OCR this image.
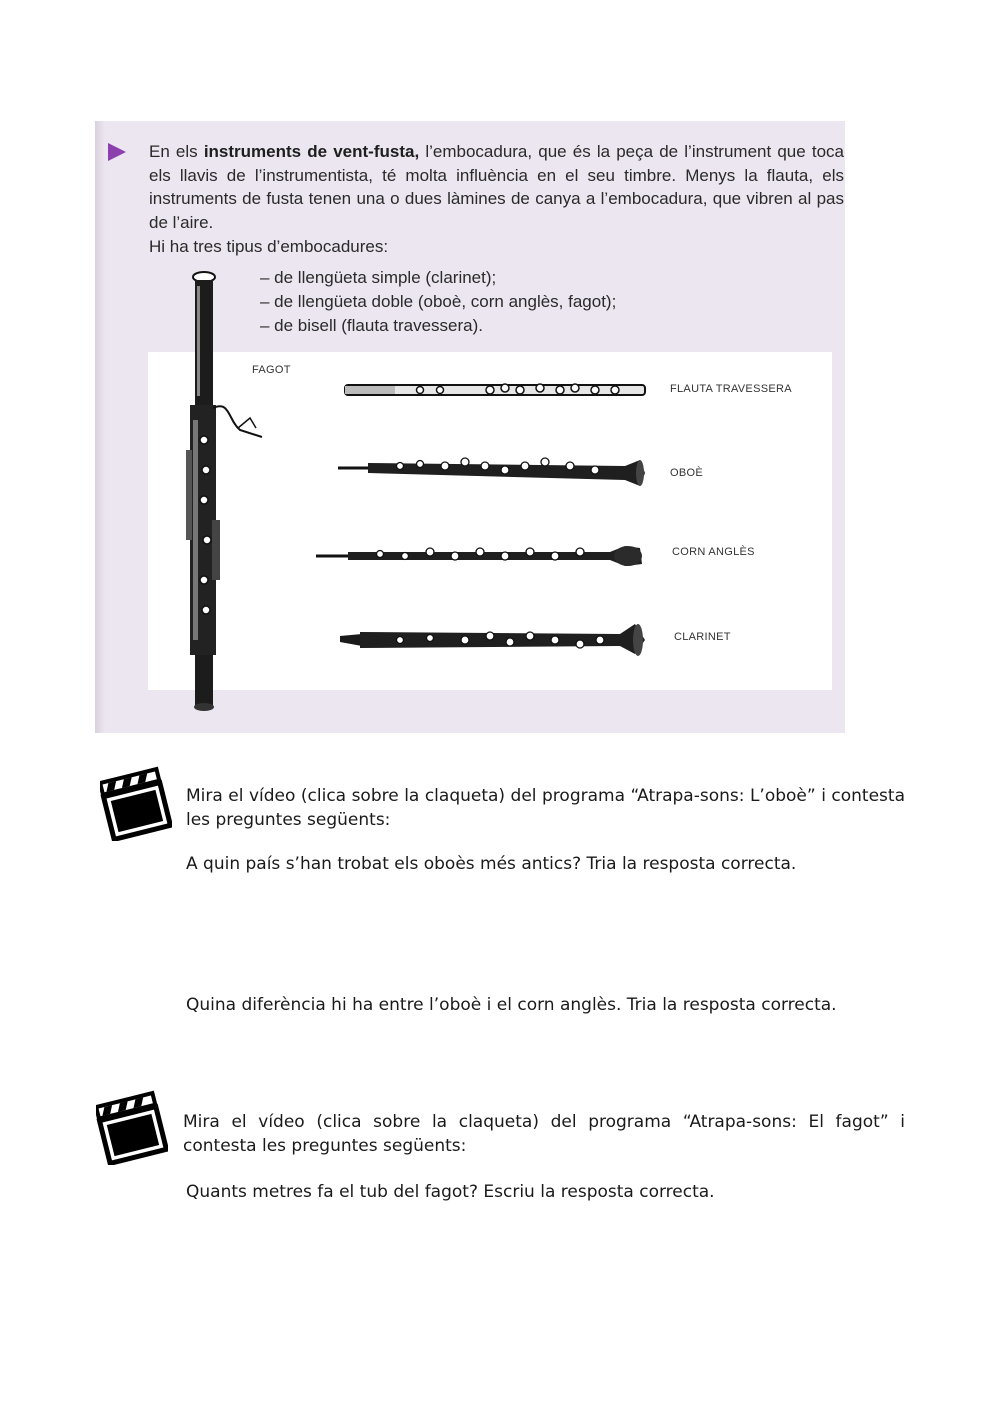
En els instruments de vent-fusta, l’embocadura, que és la peça de l’instrument que toca els llavis de l’instrumentista, té molta influència en el seu timbre. Menys la flauta, els instruments de fusta tenen una o dues làmines de canya a l’embocadura, que vibren al pas de l’aire.
Hi ha tres tipus d’embocadures:
– de llengüeta simple (clarinet);
– de llengüeta doble (oboè, corn anglès, fagot);
– de bisell (flauta travessera).
FAGOT
FLAUTA TRAVESSERA
OBOÈ
CORN ANGLÈS
CLARINET
Mira el vídeo (clica sobre la claqueta) del programa “Atrapa-sons: L’oboè” i contesta les preguntes següents:
A quin país s’han trobat els oboès més antics? Tria la resposta correcta.
Quina diferència hi ha entre l’oboè i el corn anglès. Tria la resposta correcta.
Mira el vídeo (clica sobre la claqueta) del programa “Atrapa-sons: El fagot” i contesta les preguntes següents:
Quants metres fa el tub del fagot? Escriu la resposta correcta.
